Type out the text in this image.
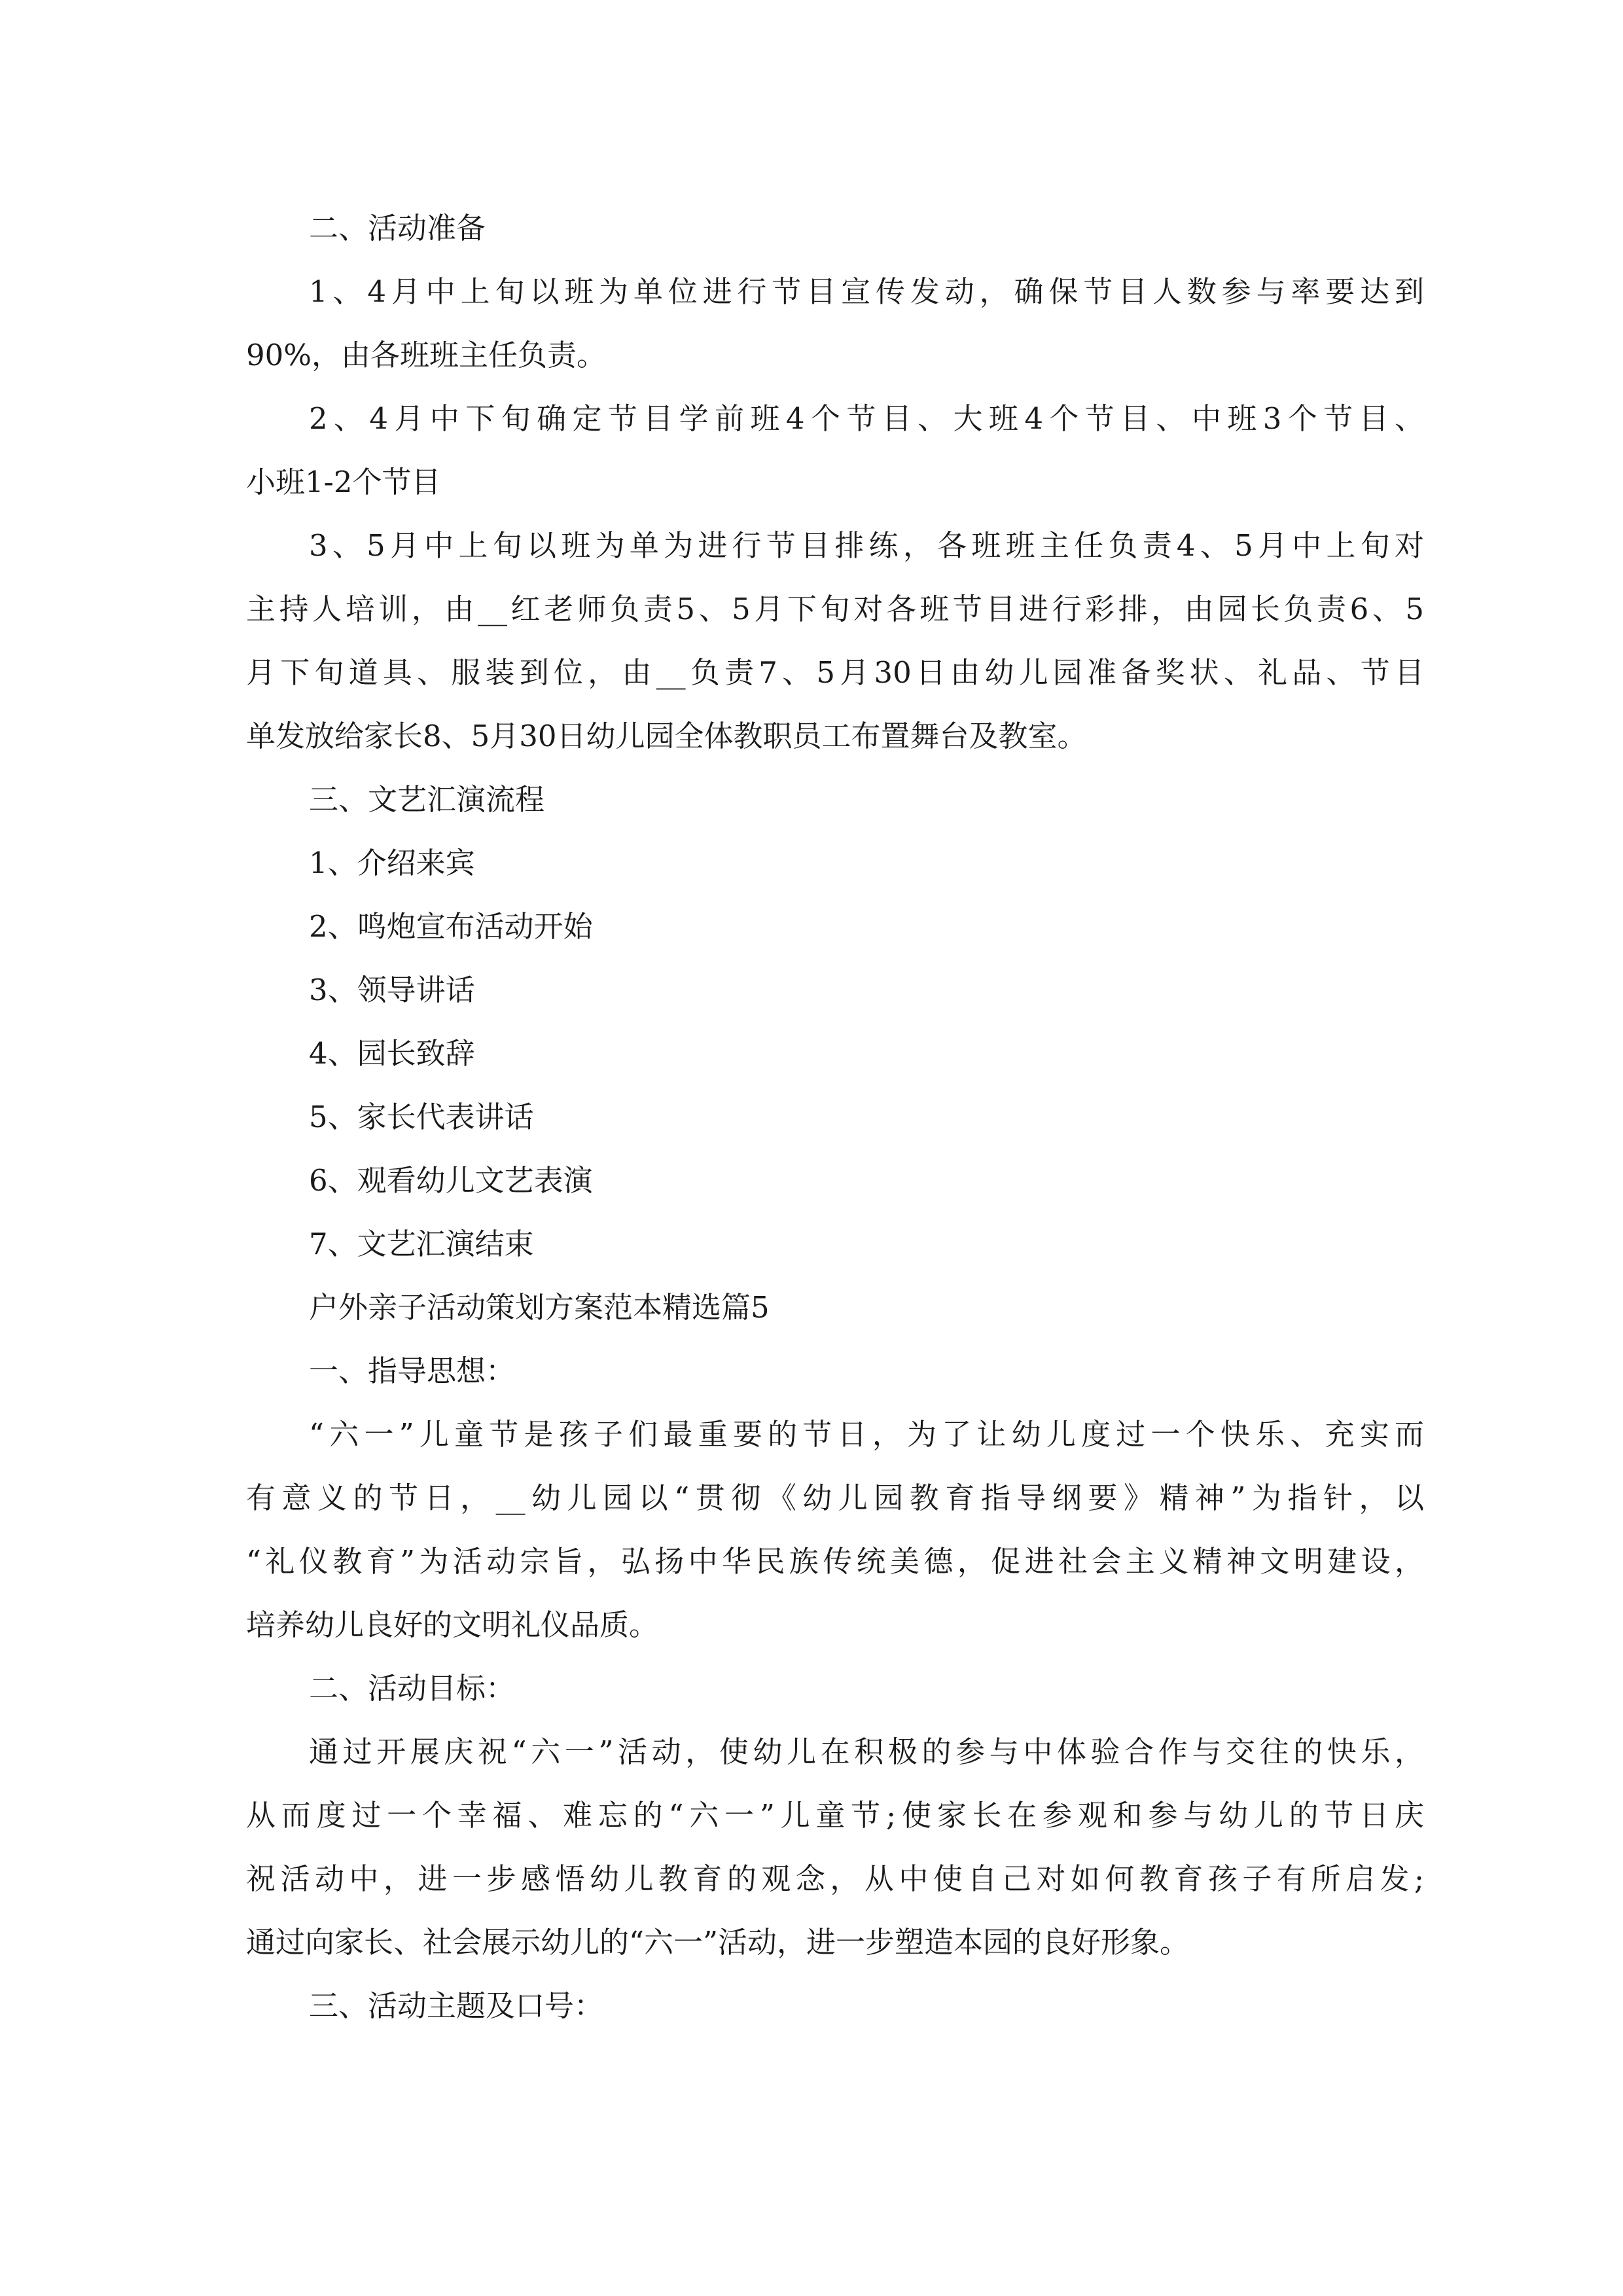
二、活动准备
1、4月中上旬以班为单位进行节目宣传发动，确保节目人数参与率要达到
90%，由各班班主任负责。
2、4月中下旬确定节目学前班4个节目、大班4个节目、中班3个节目、
小班1-2个节目
3、5月中上旬以班为单为进行节目排练，各班班主任负责4、5月中上旬对
主持人培训，由__红老师负责5、5月下旬对各班节目进行彩排，由园长负责6、5
月下旬道具、服装到位，由__负责7、5月30日由幼儿园准备奖状、礼品、节目
单发放给家长8、5月30日幼儿园全体教职员工布置舞台及教室。
三、文艺汇演流程
1、介绍来宾
2、鸣炮宣布活动开始
3、领导讲话
4、园长致辞
5、家长代表讲话
6、观看幼儿文艺表演
7、文艺汇演结束
户外亲子活动策划方案范本精选篇5
一、指导思想：
“六一”儿童节是孩子们最重要的节日，为了让幼儿度过一个快乐、充实而
有意义的节日，__幼儿园以“贯彻《幼儿园教育指导纲要》精神”为指针，以
“礼仪教育”为活动宗旨，弘扬中华民族传统美德，促进社会主义精神文明建设，
培养幼儿良好的文明礼仪品质。
二、活动目标：
通过开展庆祝“六一”活动，使幼儿在积极的参与中体验合作与交往的快乐，
从而度过一个幸福、难忘的“六一”儿童节;使家长在参观和参与幼儿的节日庆
祝活动中，进一步感悟幼儿教育的观念，从中使自己对如何教育孩子有所启发;
通过向家长、社会展示幼儿的“六一”活动，进一步塑造本园的良好形象。
三、活动主题及口号：
